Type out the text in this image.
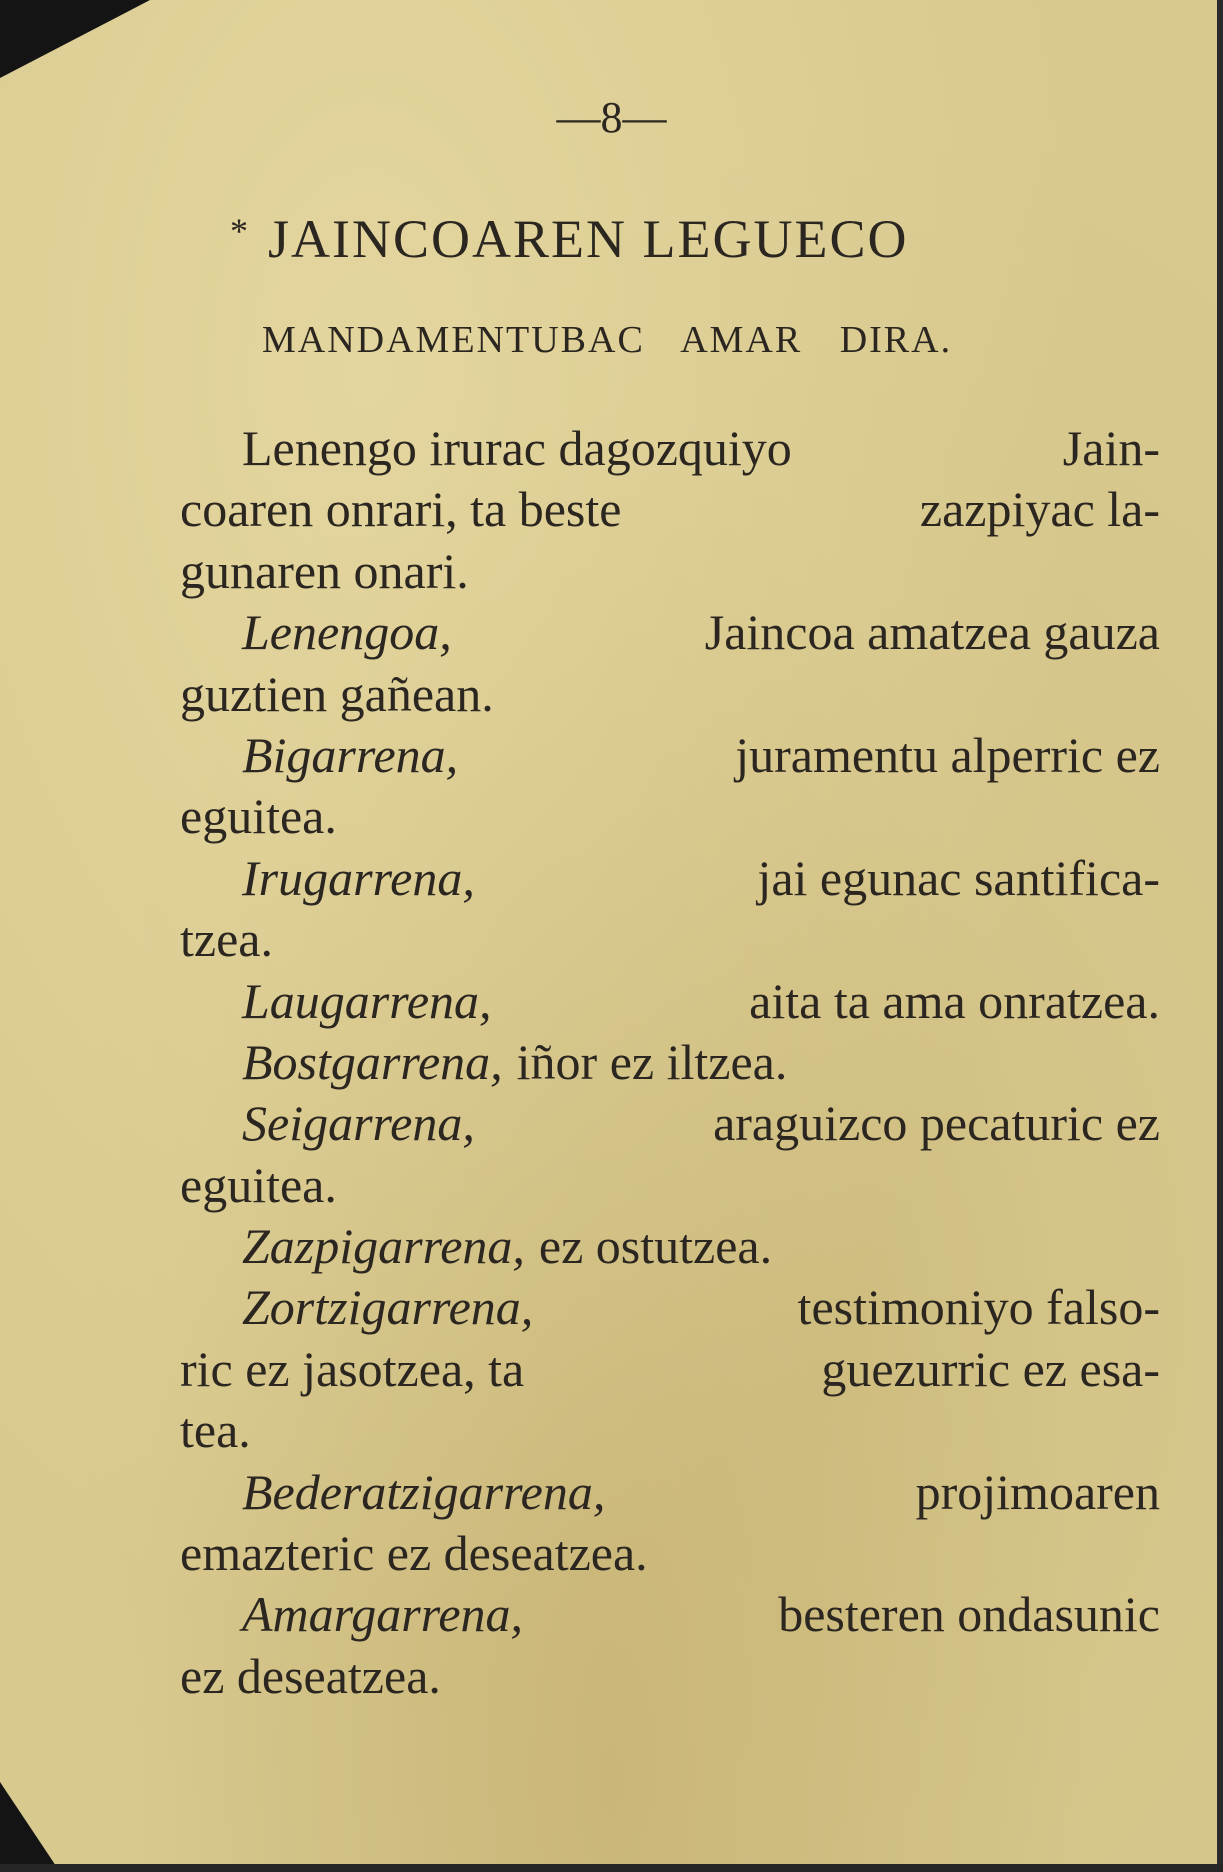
—8—
* JAINCOAREN LEGUECO
MANDAMENTUBAC AMAR DIRA.
Lenengo irurac dagozquiyo	Jain-
coaren onrari, ta beste	zazpiyac la-
gunaren onari.
Lenengoa,	Jaincoa amatzea gauza
guztien gañean.
Bigarrena,	juramentu alperric ez
eguitea.
Irugarrena,	jai egunac santifica-
tzea.
Laugarrena,	aita ta ama onratzea.
Bostgarrena, iñor ez iltzea.
Seigarrena,	araguizco pecaturic ez
eguitea.
Zazpigarrena, ez ostutzea.
Zortzigarrena,	testimoniyo falso-
ric ez jasotzea, ta	guezurric ez esa-
tea.
Bederatzigarrena,	projimoaren
emazteric ez deseatzea.
Amargarrena,	besteren ondasunic
ez deseatzea.
